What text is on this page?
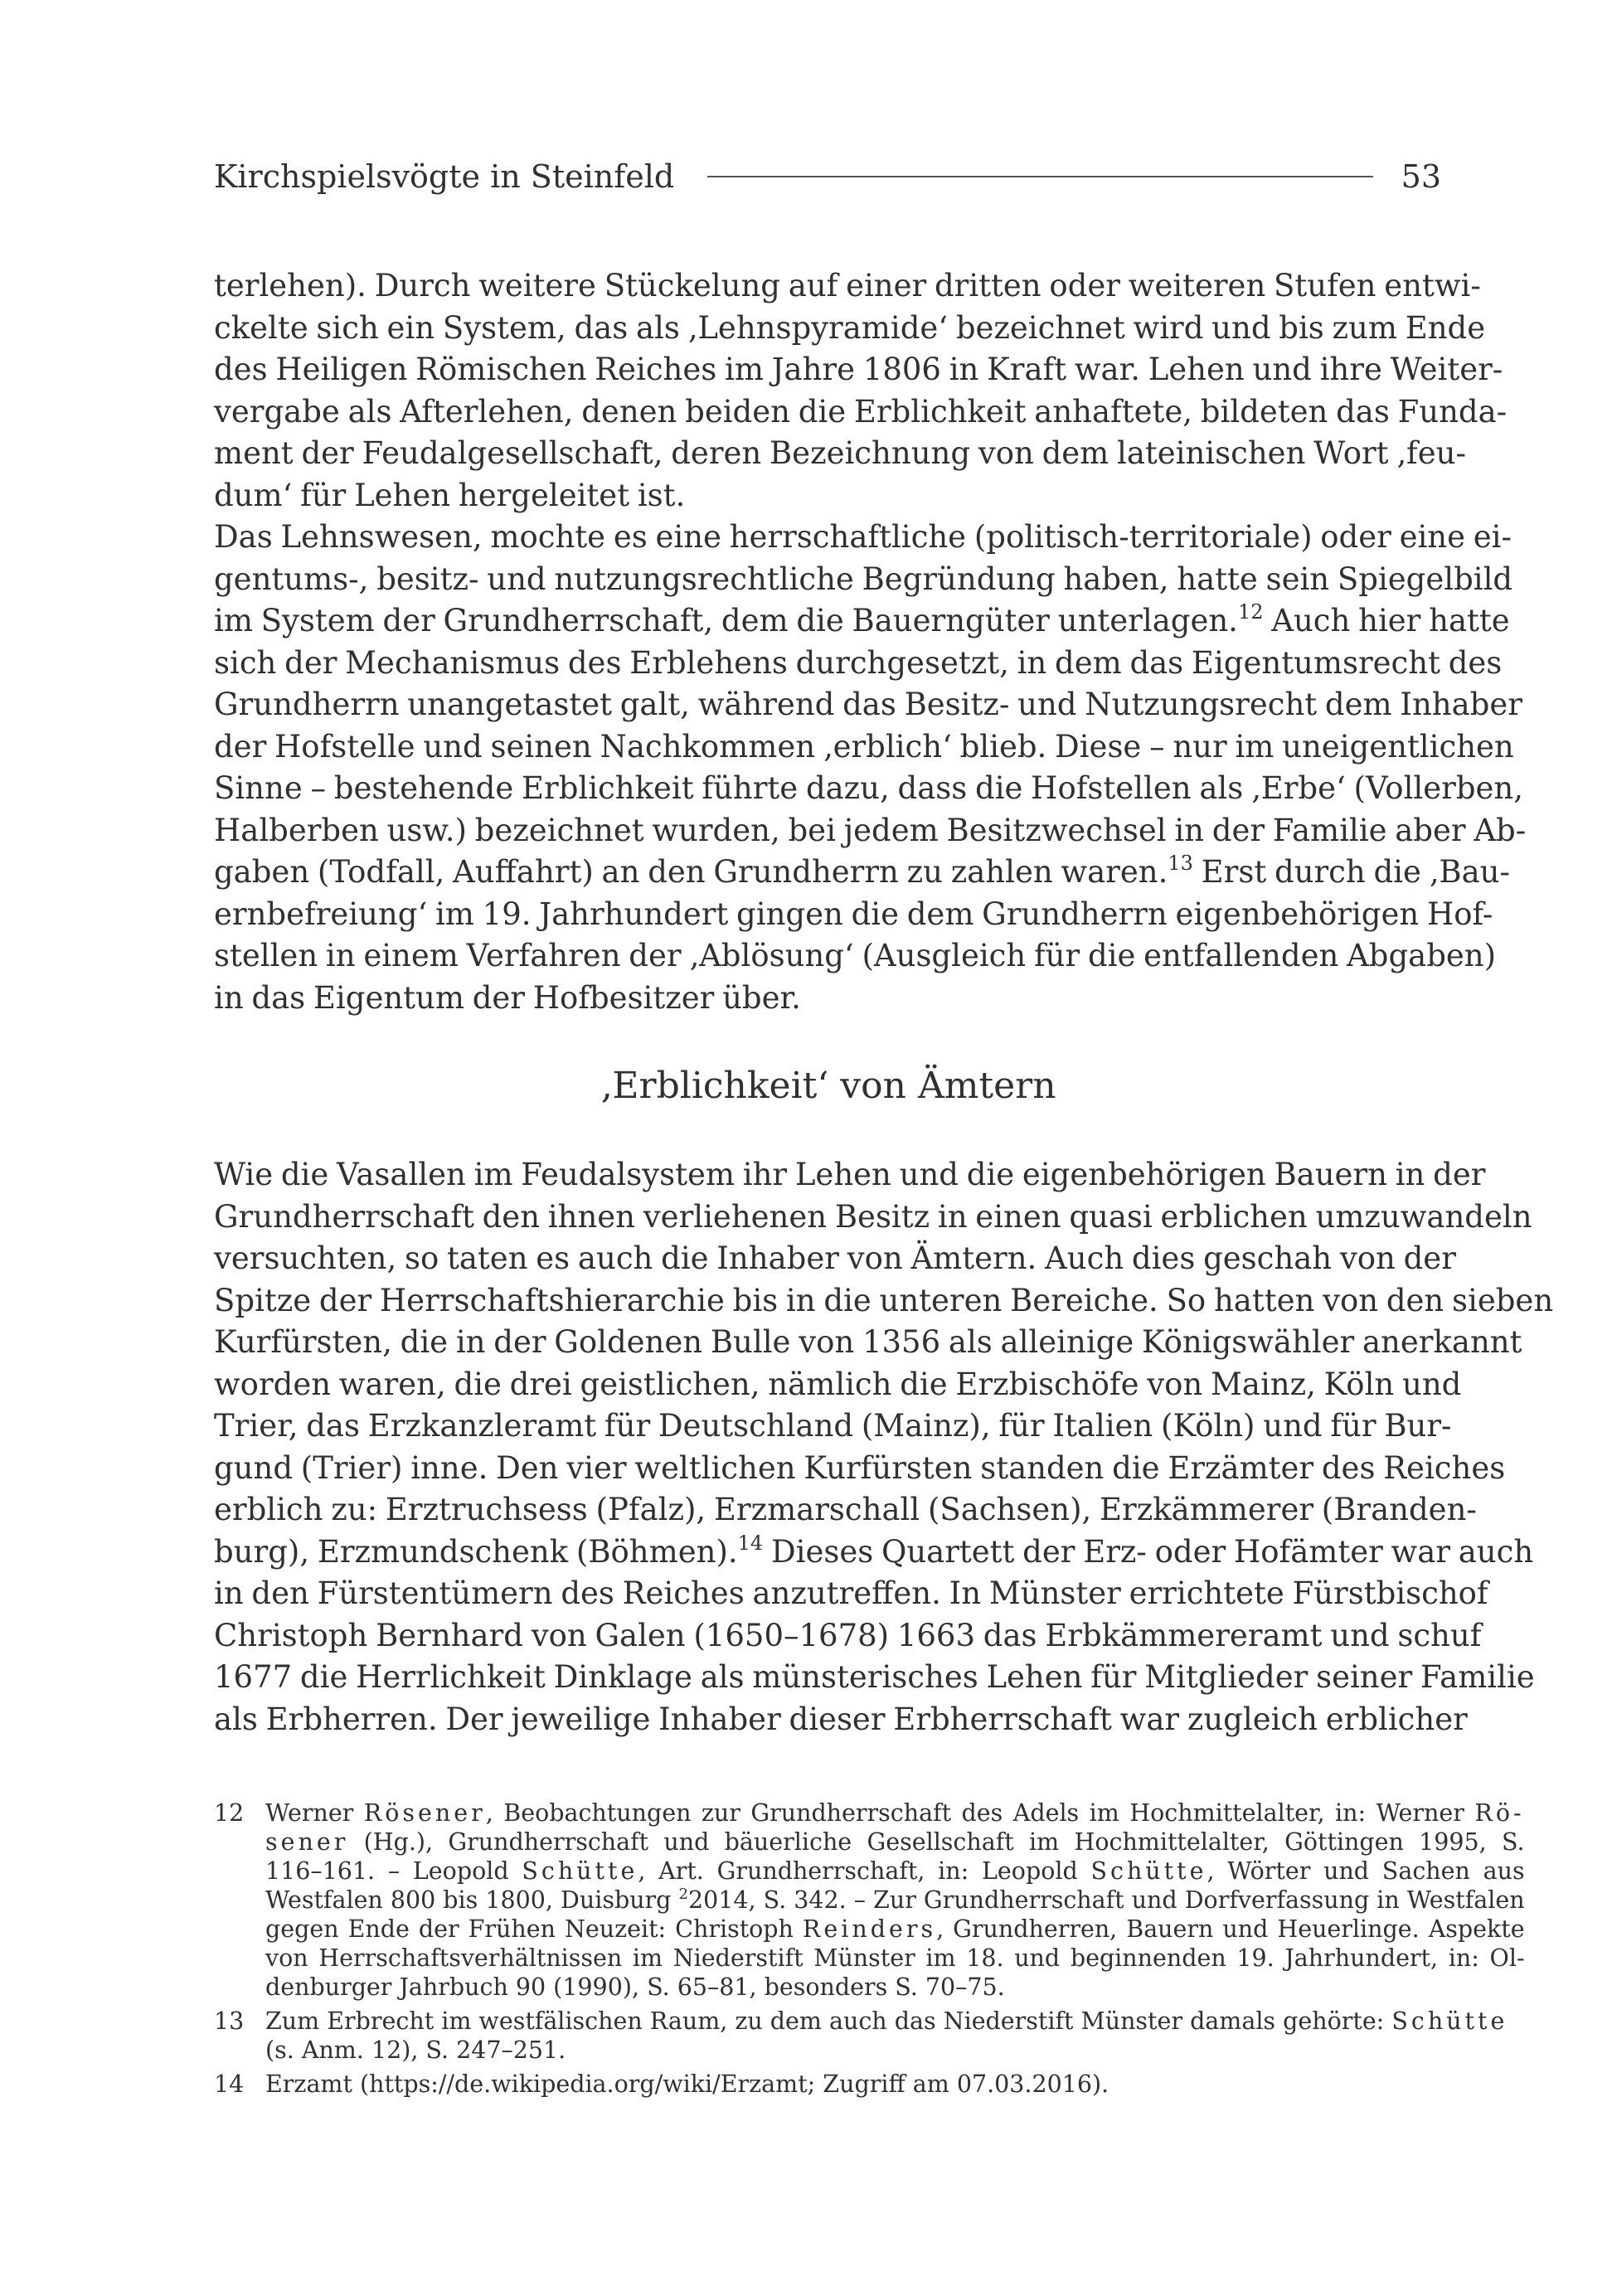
Kirchspielsvögte in Steinfeld	53
terlehen). Durch weitere Stückelung auf einer dritten oder weiteren Stufen entwi-
ckelte sich ein System, das als ‚Lehnspyramide‘ bezeichnet wird und bis zum Ende
des Heiligen Römischen Reiches im Jahre 1806 in Kraft war. Lehen und ihre Weiter-
vergabe als Afterlehen, denen beiden die Erblichkeit anhaftete, bildeten das Funda-
ment der Feudalgesellschaft, deren Bezeichnung von dem lateinischen Wort ‚feu-
dum‘ für Lehen hergeleitet ist.
Das Lehnswesen, mochte es eine herrschaftliche (politisch-territoriale) oder eine ei-
gentums-, besitz- und nutzungsrechtliche Begründung haben, hatte sein Spiegelbild
im System der Grundherrschaft, dem die Bauerngüter unterlagen.$^{12}$ Auch hier hatte
sich der Mechanismus des Erblehens durchgesetzt, in dem das Eigentumsrecht des
Grundherrn unangetastet galt, während das Besitz- und Nutzungsrecht dem Inhaber
der Hofstelle und seinen Nachkommen ‚erblich‘ blieb. Diese – nur im uneigentlichen
Sinne – bestehende Erblichkeit führte dazu, dass die Hofstellen als ‚Erbe‘ (Vollerben,
Halberben usw.) bezeichnet wurden, bei jedem Besitzwechsel in der Familie aber Ab-
gaben (Todfall, Auffahrt) an den Grundherrn zu zahlen waren.$^{13}$ Erst durch die ‚Bau-
ernbefreiung‘ im 19. Jahrhundert gingen die dem Grundherrn eigenbehörigen Hof-
stellen in einem Verfahren der ‚Ablösung‘ (Ausgleich für die entfallenden Abgaben)
in das Eigentum der Hofbesitzer über.
‚Erblichkeit‘ von Ämtern
Wie die Vasallen im Feudalsystem ihr Lehen und die eigenbehörigen Bauern in der
Grundherrschaft den ihnen verliehenen Besitz in einen quasi erblichen umzuwandeln
versuchten, so taten es auch die Inhaber von Ämtern. Auch dies geschah von der
Spitze der Herrschaftshierarchie bis in die unteren Bereiche. So hatten von den sieben
Kurfürsten, die in der Goldenen Bulle von 1356 als alleinige Königswähler anerkannt
worden waren, die drei geistlichen, nämlich die Erzbischöfe von Mainz, Köln und
Trier, das Erzkanzleramt für Deutschland (Mainz), für Italien (Köln) und für Bur-
gund (Trier) inne. Den vier weltlichen Kurfürsten standen die Erzämter des Reiches
erblich zu: Erztruchsess (Pfalz), Erzmarschall (Sachsen), Erzkämmerer (Branden-
burg), Erzmundschenk (Böhmen).$^{14}$ Dieses Quartett der Erz- oder Hofämter war auch
in den Fürstentümern des Reiches anzutreffen. In Münster errichtete Fürstbischof
Christoph Bernhard von Galen (1650–1678) 1663 das Erbkämmereramt und schuf
1677 die Herrlichkeit Dinklage als münsterisches Lehen für Mitglieder seiner Familie
als Erbherren. Der jeweilige Inhaber dieser Erbherrschaft war zugleich erblicher
12 Werner Rösener, Beobachtungen zur Grundherrschaft des Adels im Hochmittelalter, in: Werner Rö-
sener (Hg.), Grundherrschaft und bäuerliche Gesellschaft im Hochmittelalter, Göttingen 1995, S.
116–161. – Leopold Schütte, Art. Grundherrschaft, in: Leopold Schütte, Wörter und Sachen aus
Westfalen 800 bis 1800, Duisburg $^2$2014, S. 342. – Zur Grundherrschaft und Dorfverfassung in Westfalen
gegen Ende der Frühen Neuzeit: Christoph Reinders, Grundherren, Bauern und Heuerlinge. Aspekte
von Herrschaftsverhältnissen im Niederstift Münster im 18. und beginnenden 19. Jahrhundert, in: Ol-
denburger Jahrbuch 90 (1990), S. 65–81, besonders S. 70–75.
13 Zum Erbrecht im westfälischen Raum, zu dem auch das Niederstift Münster damals gehörte: Schütte
(s. Anm. 12), S. 247–251.
14 Erzamt (https://de.wikipedia.org/wiki/Erzamt; Zugriff am 07.03.2016).
